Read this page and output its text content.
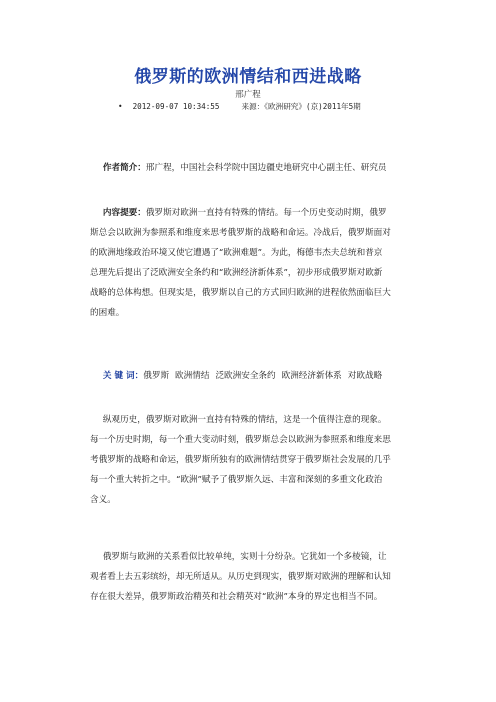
俄罗斯的欧洲情结和西进战略
邢广程
• 2012-09-07 10:34:55	来源：《欧洲研究》(京)2011年5期
作者简介：邢广程，中国社会科学院中国边疆史地研究中心副主任、研究员
内容提要：俄罗斯对欧洲一直持有特殊的情结。每一个历史变动时期，俄罗
斯总会以欧洲为参照系和维度来思考俄罗斯的战略和命运。冷战后，俄罗斯面对
的欧洲地缘政治环境又使它遭遇了“欧洲难题”。为此，梅德韦杰夫总统和普京
总理先后提出了泛欧洲安全条约和“欧洲经济新体系”，初步形成俄罗斯对欧新
战略的总体构想。但现实是，俄罗斯以自己的方式回归欧洲的进程依然面临巨大
的困难。
关 键 词：俄罗斯 欧洲情结 泛欧洲安全条约 欧洲经济新体系 对欧战略
纵观历史，俄罗斯对欧洲一直持有特殊的情结，这是一个值得注意的现象。
每一个历史时期，每一个重大变动时刻，俄罗斯总会以欧洲为参照系和维度来思
考俄罗斯的战略和命运，俄罗斯所独有的欧洲情结贯穿于俄罗斯社会发展的几乎
每一个重大转折之中。“欧洲”赋予了俄罗斯久远、丰富和深刻的多重文化政治
含义。
俄罗斯与欧洲的关系看似比较单纯，实则十分纷杂。它犹如一个多棱镜，让
观者看上去五彩缤纷，却无所适从。从历史到现实，俄罗斯对欧洲的理解和认知
存在很大差异，俄罗斯政治精英和社会精英对“欧洲”本身的界定也相当不同。
